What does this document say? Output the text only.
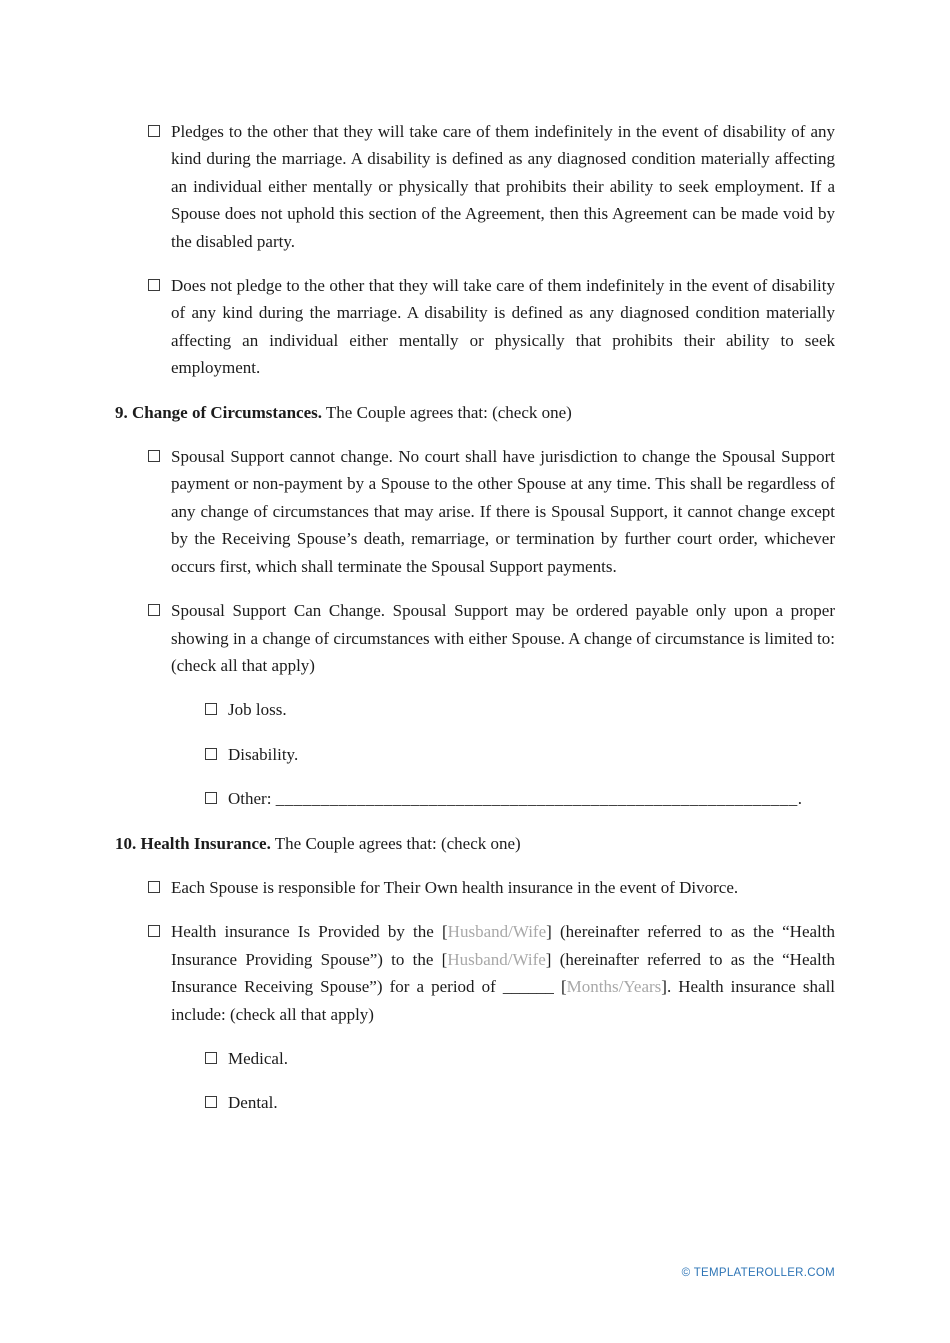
Pledges to the other that they will take care of them indefinitely in the event of disability of any kind during the marriage. A disability is defined as any diagnosed condition materially affecting an individual either mentally or physically that prohibits their ability to seek employment. If a Spouse does not uphold this section of the Agreement, then this Agreement can be made void by the disabled party.
Does not pledge to the other that they will take care of them indefinitely in the event of disability of any kind during the marriage. A disability is defined as any diagnosed condition materially affecting an individual either mentally or physically that prohibits their ability to seek employment.
9. Change of Circumstances. The Couple agrees that: (check one)
Spousal Support cannot change. No court shall have jurisdiction to change the Spousal Support payment or non-payment by a Spouse to the other Spouse at any time. This shall be regardless of any change of circumstances that may arise. If there is Spousal Support, it cannot change except by the Receiving Spouse’s death, remarriage, or termination by further court order, whichever occurs first, which shall terminate the Spousal Support payments.
Spousal Support Can Change. Spousal Support may be ordered payable only upon a proper showing in a change of circumstances with either Spouse. A change of circumstance is limited to: (check all that apply)
Job loss.
Disability.
Other: __________________________________________________________.
10. Health Insurance. The Couple agrees that: (check one)
Each Spouse is responsible for Their Own health insurance in the event of Divorce.
Health insurance Is Provided by the [Husband/Wife] (hereinafter referred to as the “Health Insurance Providing Spouse”) to the [Husband/Wife] (hereinafter referred to as the “Health Insurance Receiving Spouse”) for a period of ______ [Months/Years]. Health insurance shall include: (check all that apply)
Medical.
Dental.
© TEMPLATEROLLER.COM
